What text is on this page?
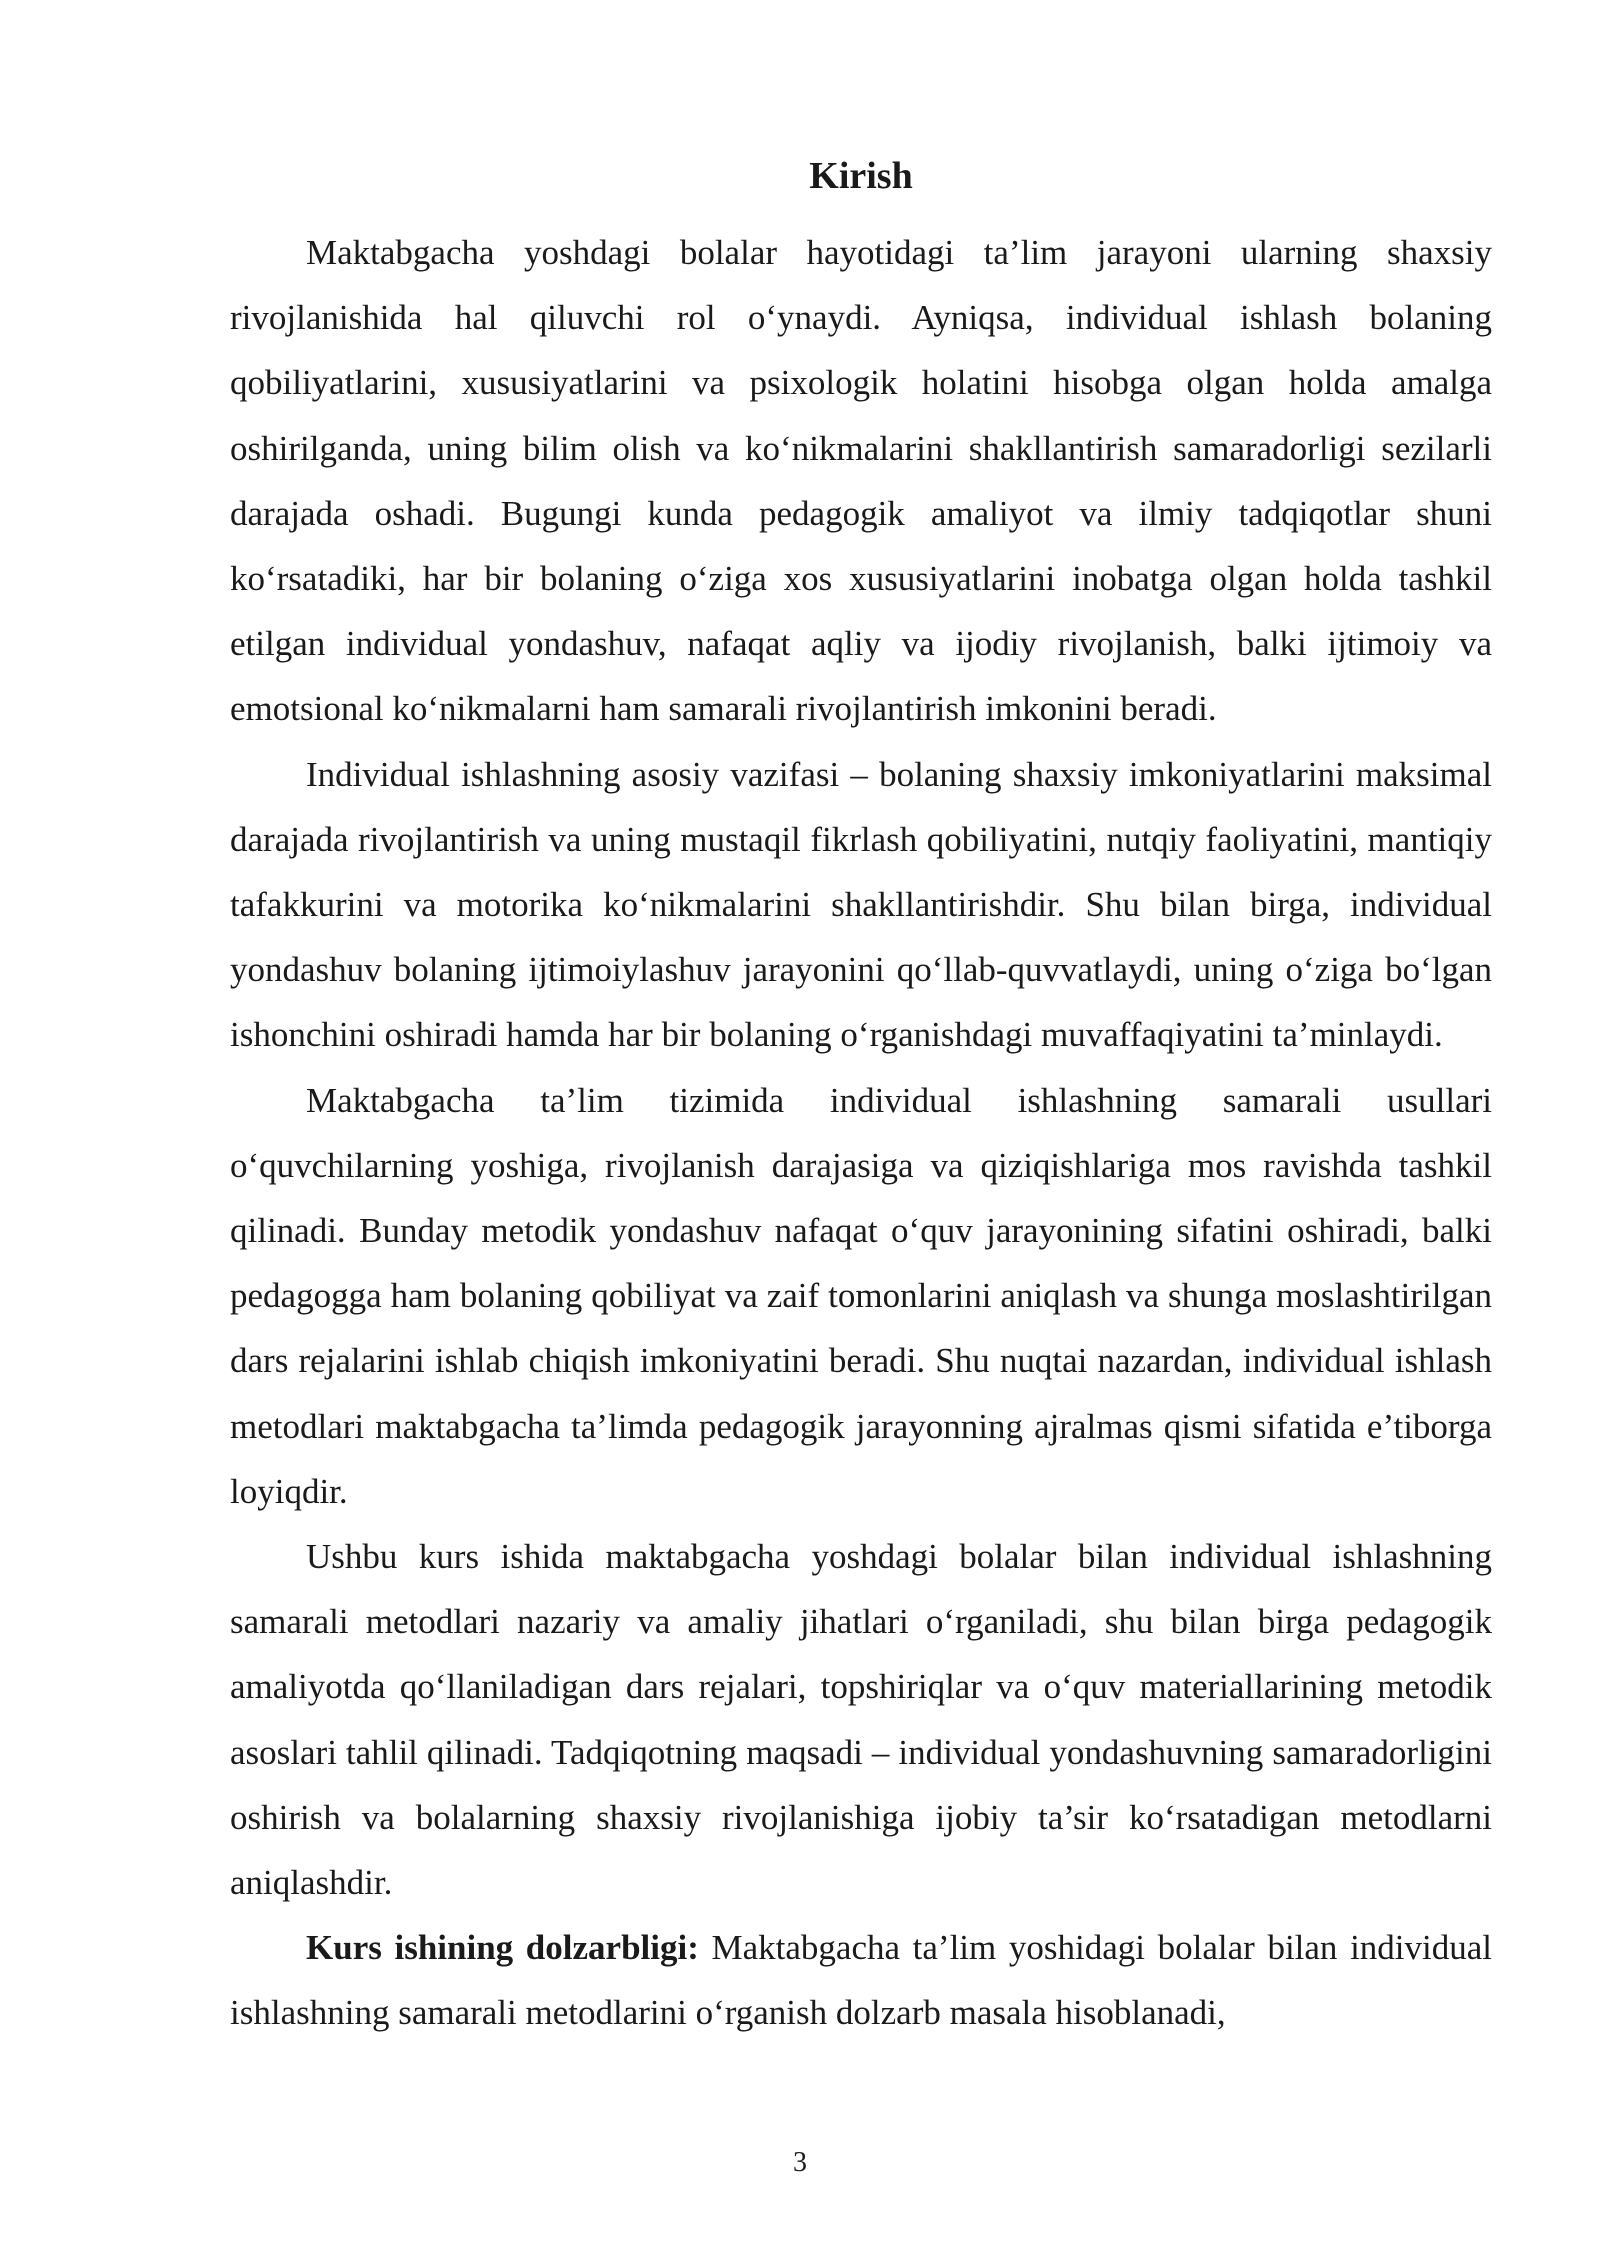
Kirish

Maktabgacha yoshdagi bolalar hayotidagi ta’lim jarayoni ularning shaxsiy rivojlanishida hal qiluvchi rol o‘ynaydi. Ayniqsa, individual ishlash bolaning qobiliyatlarini, xususiyatlarini va psixologik holatini hisobga olgan holda amalga oshirilganda, uning bilim olish va ko‘nikmalarini shakllantirish samaradorligi sezilarli darajada oshadi. Bugungi kunda pedagogik amaliyot va ilmiy tadqiqotlar shuni ko‘rsatadiki, har bir bolaning o‘ziga xos xususiyatlarini inobatga olgan holda tashkil etilgan individual yondashuv, nafaqat aqliy va ijodiy rivojlanish, balki ijtimoiy va emotsional ko‘nikmalarni ham samarali rivojlantirish imkonini beradi.

Individual ishlashning asosiy vazifasi – bolaning shaxsiy imkoniyatlarini maksimal darajada rivojlantirish va uning mustaqil fikrlash qobiliyatini, nutqiy faoliyatini, mantiqiy tafakkurini va motorika ko‘nikmalarini shakllantirishdir. Shu bilan birga, individual yondashuv bolaning ijtimoiylashuv jarayonini qo‘llab-quvvatlaydi, uning o‘ziga bo‘lgan ishonchini oshiradi hamda har bir bolaning o‘rganishdagi muvaffaqiyatini ta’minlaydi.

Maktabgacha ta’lim tizimida individual ishlashning samarali usullari o‘quvchilarning yoshiga, rivojlanish darajasiga va qiziqishlariga mos ravishda tashkil qilinadi. Bunday metodik yondashuv nafaqat o‘quv jarayonining sifatini oshiradi, balki pedagogga ham bolaning qobiliyat va zaif tomonlarini aniqlash va shunga moslashtirilgan dars rejalarini ishlab chiqish imkoniyatini beradi. Shu nuqtai nazardan, individual ishlash metodlari maktabgacha ta’limda pedagogik jarayonning ajralmas qismi sifatida e’tiborga loyiqdir.

Ushbu kurs ishida maktabgacha yoshdagi bolalar bilan individual ishlashning samarali metodlari nazariy va amaliy jihatlari o‘rganiladi, shu bilan birga pedagogik amaliyotda qo‘llaniladigan dars rejalari, topshiriqlar va o‘quv materiallarining metodik asoslari tahlil qilinadi. Tadqiqotning maqsadi – individual yondashuvning samaradorligini oshirish va bolalarning shaxsiy rivojlanishiga ijobiy ta’sir ko‘rsatadigan metodlarni aniqlashdir.

Kurs ishining dolzarbligi: Maktabgacha ta’lim yoshidagi bolalar bilan individual ishlashning samarali metodlarini o‘rganish dolzarb masala hisoblanadi,

3
